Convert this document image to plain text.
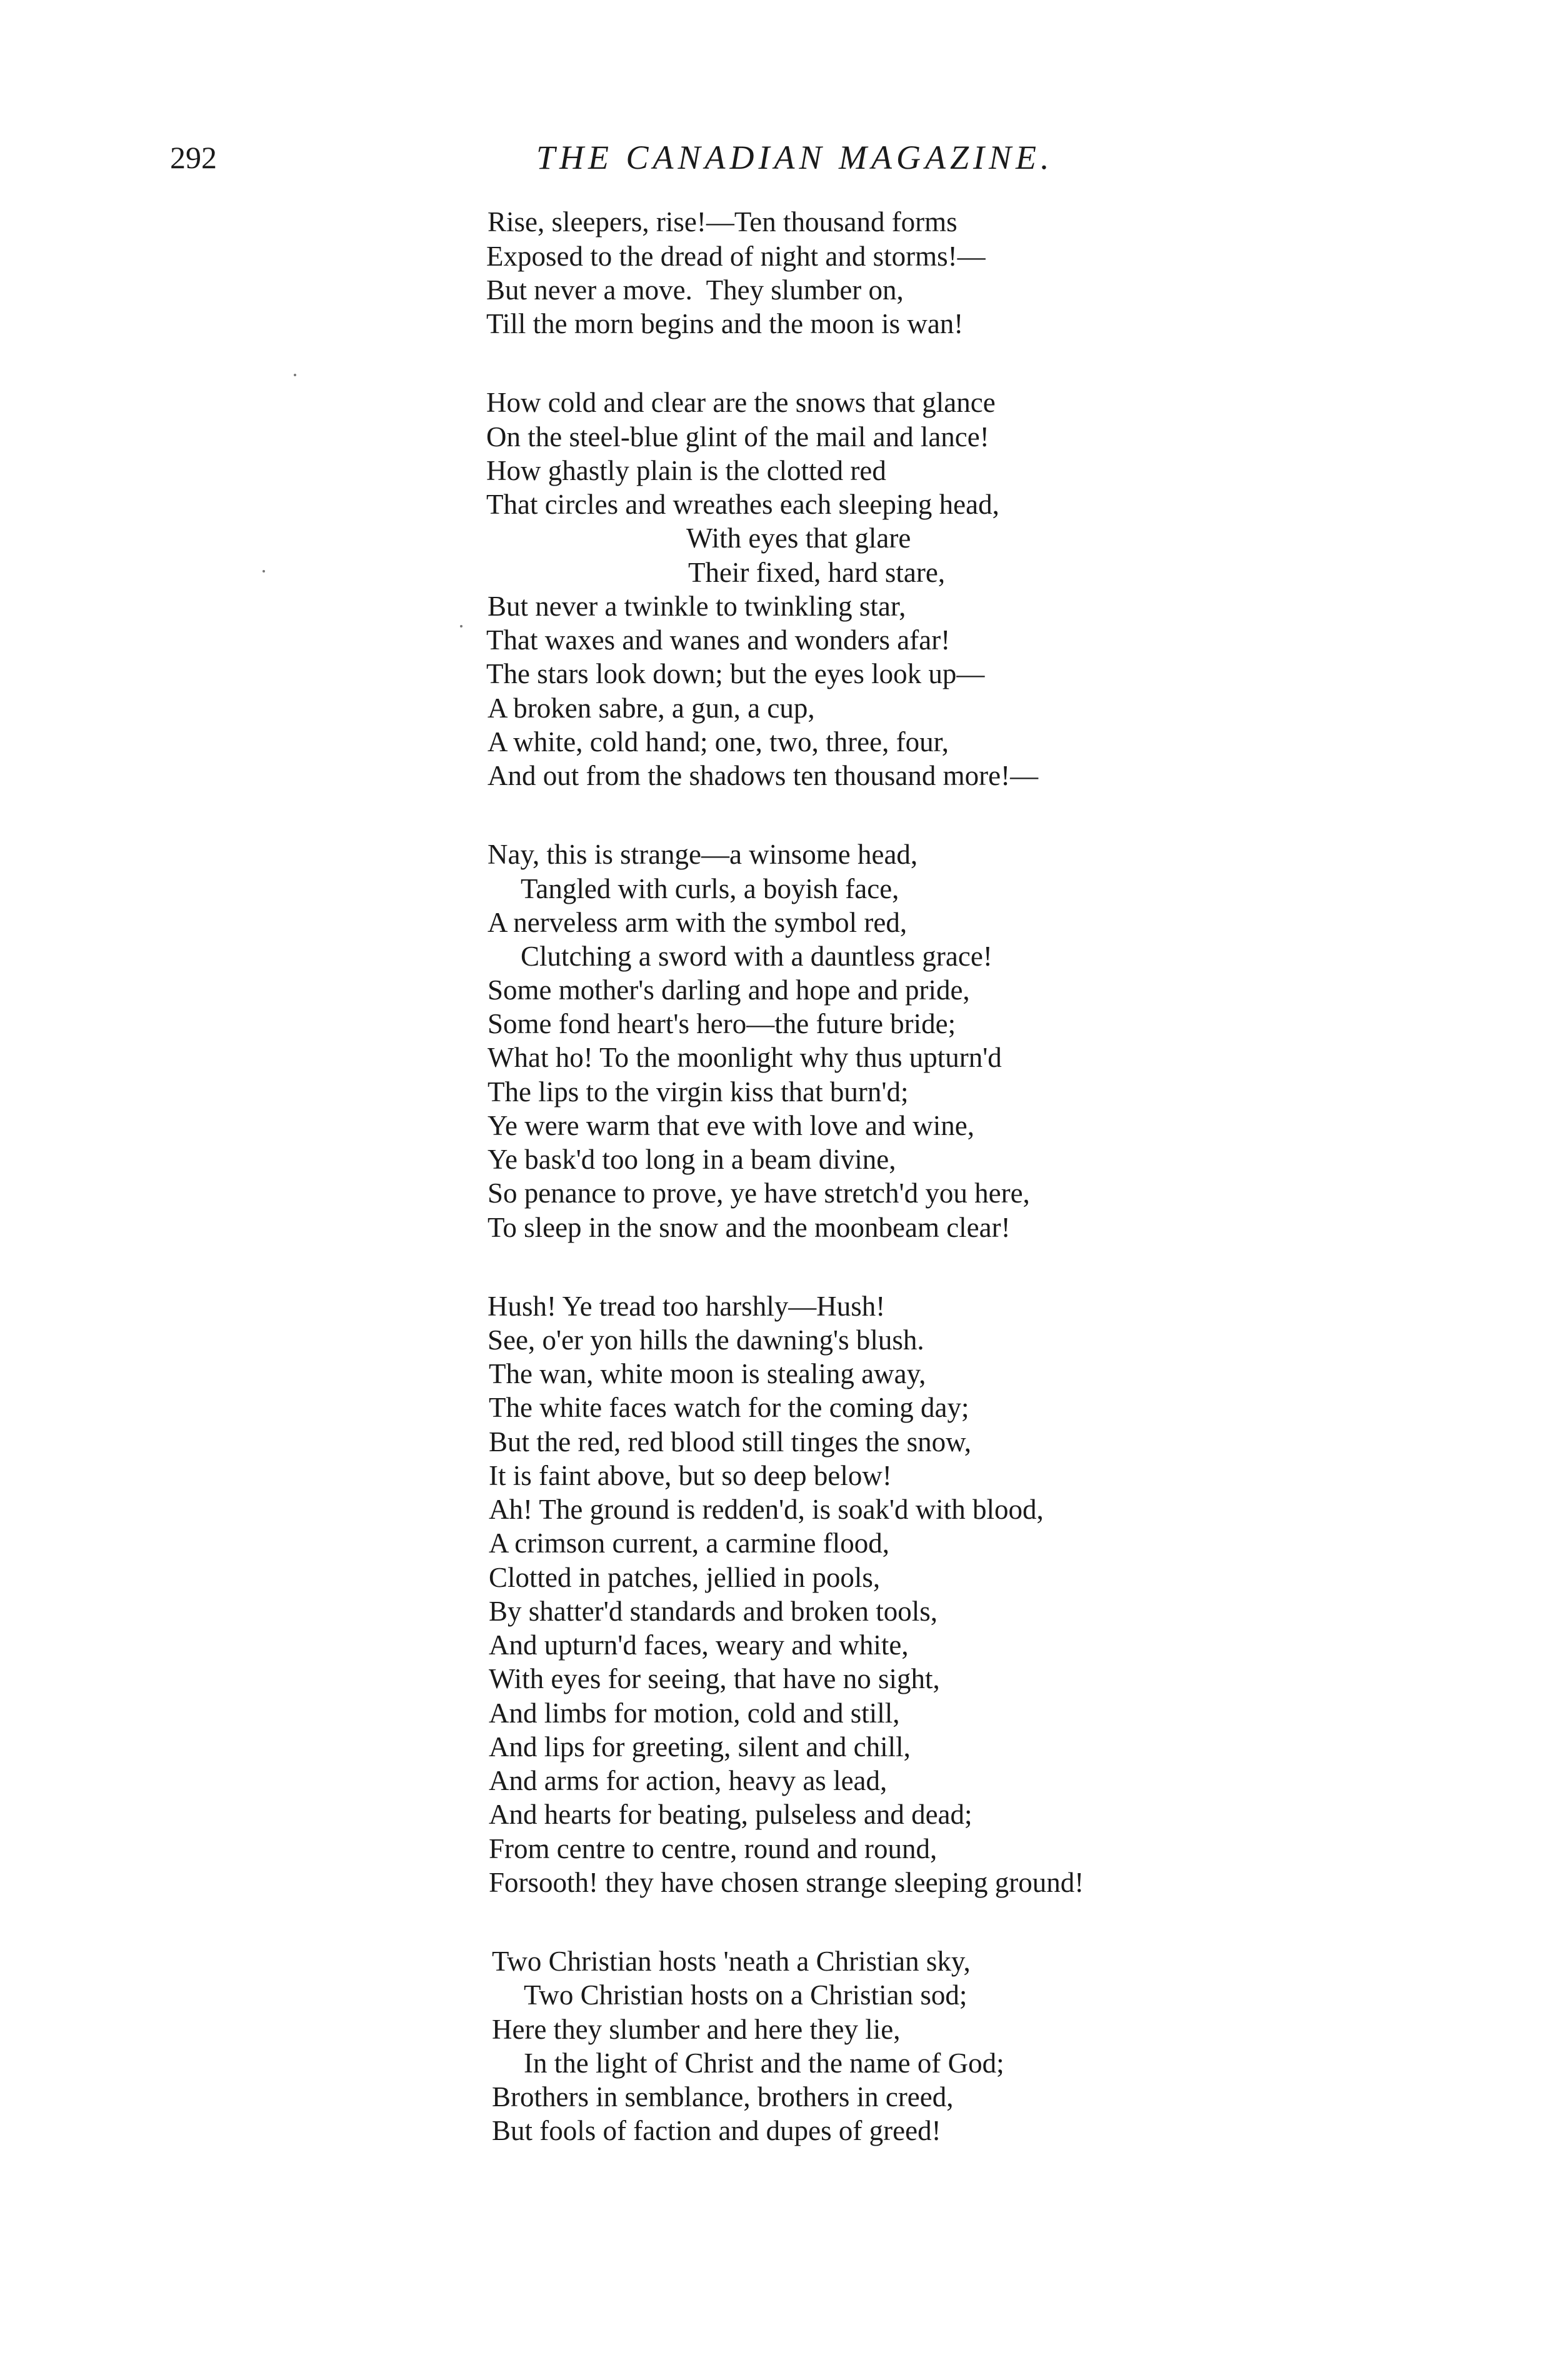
292	THE CANADIAN MAGAZINE.
Rise, sleepers, rise!—Ten thousand forms
Exposed to the dread of night and storms!—
But never a move.  They slumber on,
Till the morn begins and the moon is wan!
How cold and clear are the snows that glance
On the steel-blue glint of the mail and lance!
How ghastly plain is the clotted red
That circles and wreathes each sleeping head,
With eyes that glare
Their fixed, hard stare,
But never a twinkle to twinkling star,
That waxes and wanes and wonders afar!
The stars look down; but the eyes look up—
A broken sabre, a gun, a cup,
A white, cold hand; one, two, three, four,
And out from the shadows ten thousand more!—
Nay, this is strange—a winsome head,
Tangled with curls, a boyish face,
A nerveless arm with the symbol red,
Clutching a sword with a dauntless grace!
Some mother's darling and hope and pride,
Some fond heart's hero—the future bride;
What ho! To the moonlight why thus upturn'd
The lips to the virgin kiss that burn'd;
Ye were warm that eve with love and wine,
Ye bask'd too long in a beam divine,
So penance to prove, ye have stretch'd you here,
To sleep in the snow and the moonbeam clear!
Hush! Ye tread too harshly—Hush!
See, o'er yon hills the dawning's blush.
The wan, white moon is stealing away,
The white faces watch for the coming day;
But the red, red blood still tinges the snow,
It is faint above, but so deep below!
Ah! The ground is redden'd, is soak'd with blood,
A crimson current, a carmine flood,
Clotted in patches, jellied in pools,
By shatter'd standards and broken tools,
And upturn'd faces, weary and white,
With eyes for seeing, that have no sight,
And limbs for motion, cold and still,
And lips for greeting, silent and chill,
And arms for action, heavy as lead,
And hearts for beating, pulseless and dead;
From centre to centre, round and round,
Forsooth! they have chosen strange sleeping ground!
Two Christian hosts 'neath a Christian sky,
Two Christian hosts on a Christian sod;
Here they slumber and here they lie,
In the light of Christ and the name of God;
Brothers in semblance, brothers in creed,
But fools of faction and dupes of greed!
